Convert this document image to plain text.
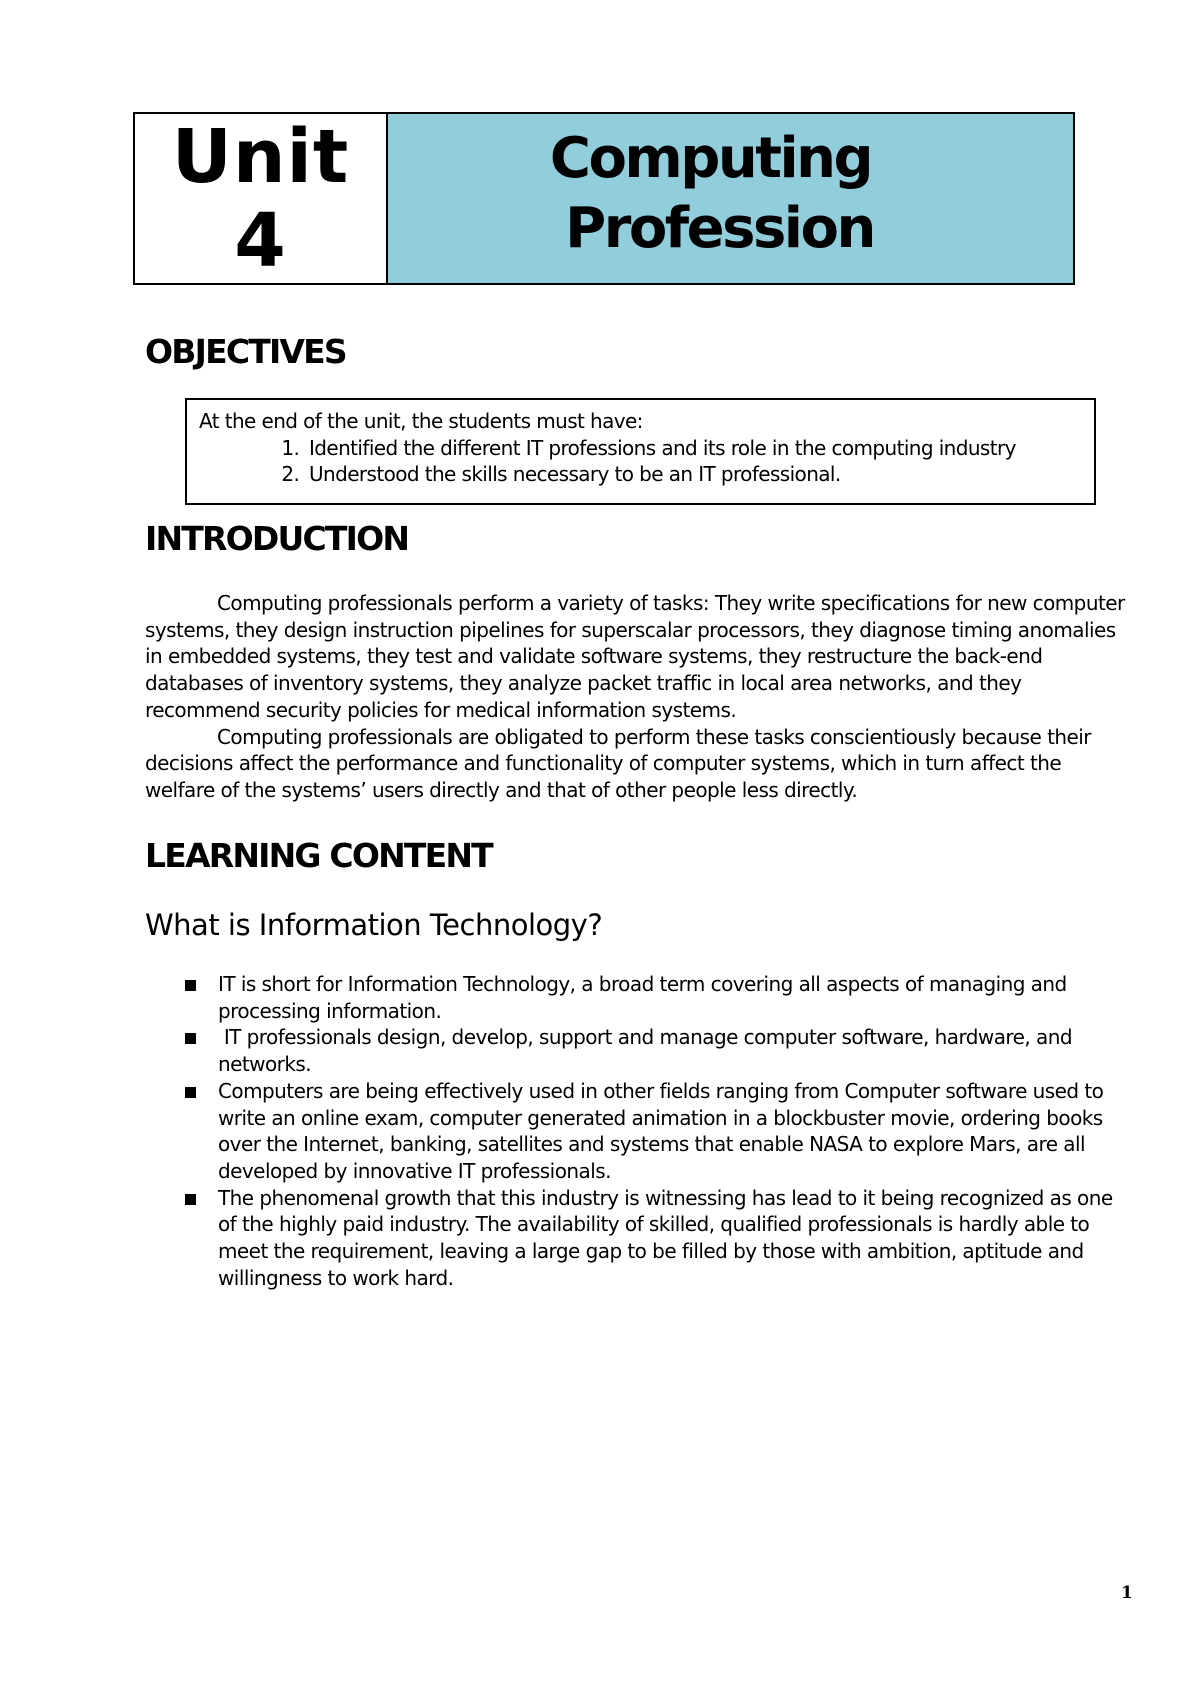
Unit
4
Computing
Profession
OBJECTIVES
At the end of the unit, the students must have:
1. Identified the different IT professions and its role in the computing industry
2. Understood the skills necessary to be an IT professional.
INTRODUCTION

Computing professionals perform a variety of tasks: They write specifications for new computer systems, they design instruction pipelines for superscalar processors, they diagnose timing anomalies in embedded systems, they test and validate software systems, they restructure the back-end databases of inventory systems, they analyze packet traffic in local area networks, and they recommend security policies for medical information systems.

Computing professionals are obligated to perform these tasks conscientiously because their decisions affect the performance and functionality of computer systems, which in turn affect the welfare of the systems’ users directly and that of other people less directly.

LEARNING CONTENT
What is Information Technology?
IT is short for Information Technology, a broad term covering all aspects of managing and processing information.
IT professionals design, develop, support and manage computer software, hardware, and networks.
Computers are being effectively used in other fields ranging from Computer software used to write an online exam, computer generated animation in a blockbuster movie, ordering books over the Internet, banking, satellites and systems that enable NASA to explore Mars, are all developed by innovative IT professionals.
The phenomenal growth that this industry is witnessing has lead to it being recognized as one of the highly paid industry. The availability of skilled, qualified professionals is hardly able to meet the requirement, leaving a large gap to be filled by those with ambition, aptitude and willingness to work hard.
1
